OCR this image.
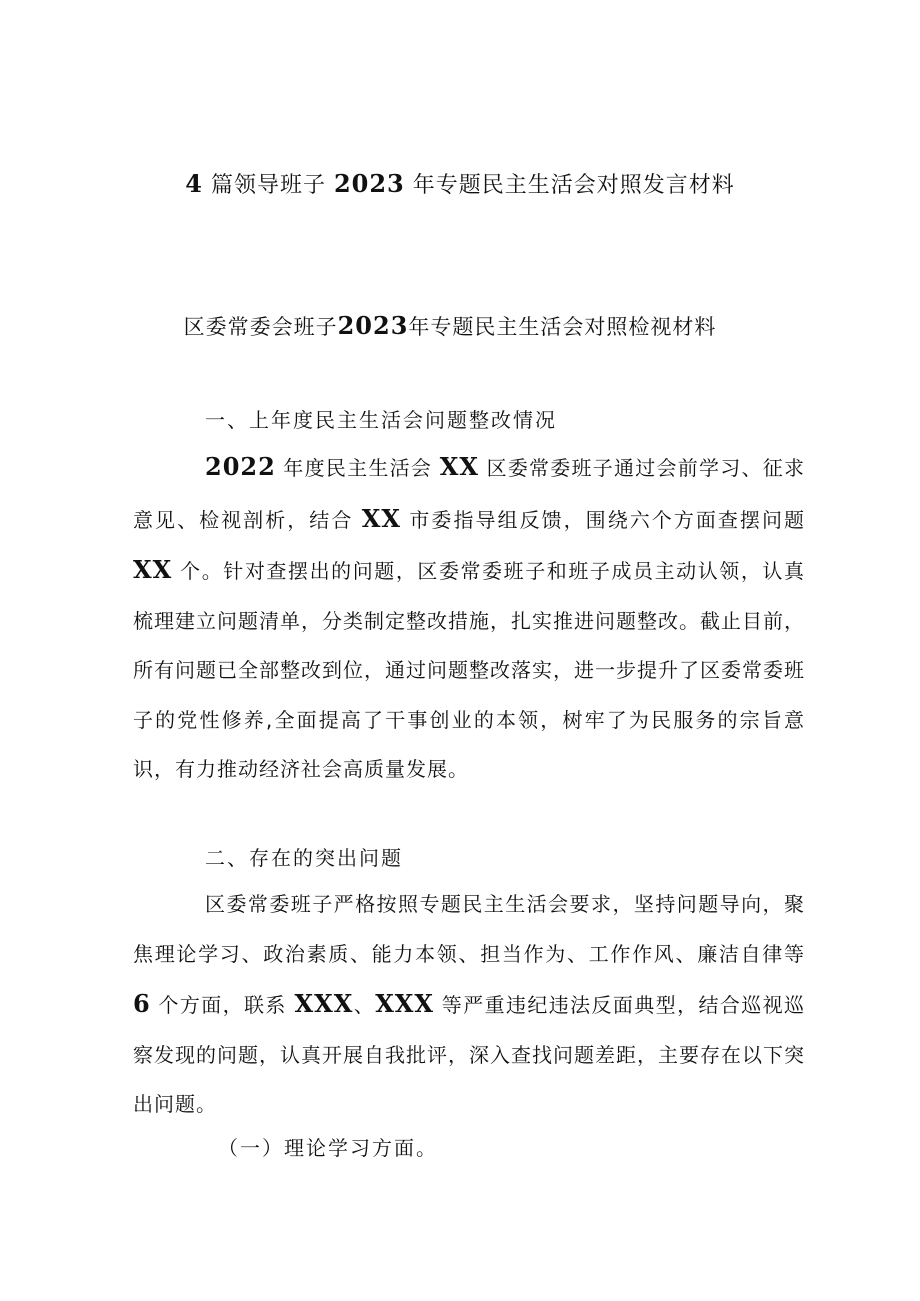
4 篇领导班子 2023 年专题民主生活会对照发言材料
区委常委会班子2023年专题民主生活会对照检视材料
一、上年度民主生活会问题整改情况

2022 年度民主生活会 XX 区委常委班子通过会前学习、征求意见、检视剖析，结合 XX 市委指导组反馈，围绕六个方面查摆问题 XX 个。针对查摆出的问题，区委常委班子和班子成员主动认领，认真梳理建立问题清单，分类制定整改措施，扎实推进问题整改。截止目前，所有问题已全部整改到位，通过问题整改落实，进一步提升了区委常委班子的党性修养,全面提高了干事创业的本领，树牢了为民服务的宗旨意识，有力推动经济社会高质量发展。

二、存在的突出问题

区委常委班子严格按照专题民主生活会要求，坚持问题导向，聚焦理论学习、政治素质、能力本领、担当作为、工作作风、廉洁自律等 6 个方面，联系 XXX、XXX 等严重违纪违法反面典型，结合巡视巡察发现的问题，认真开展自我批评，深入查找问题差距，主要存在以下突出问题。

（一）理论学习方面。
